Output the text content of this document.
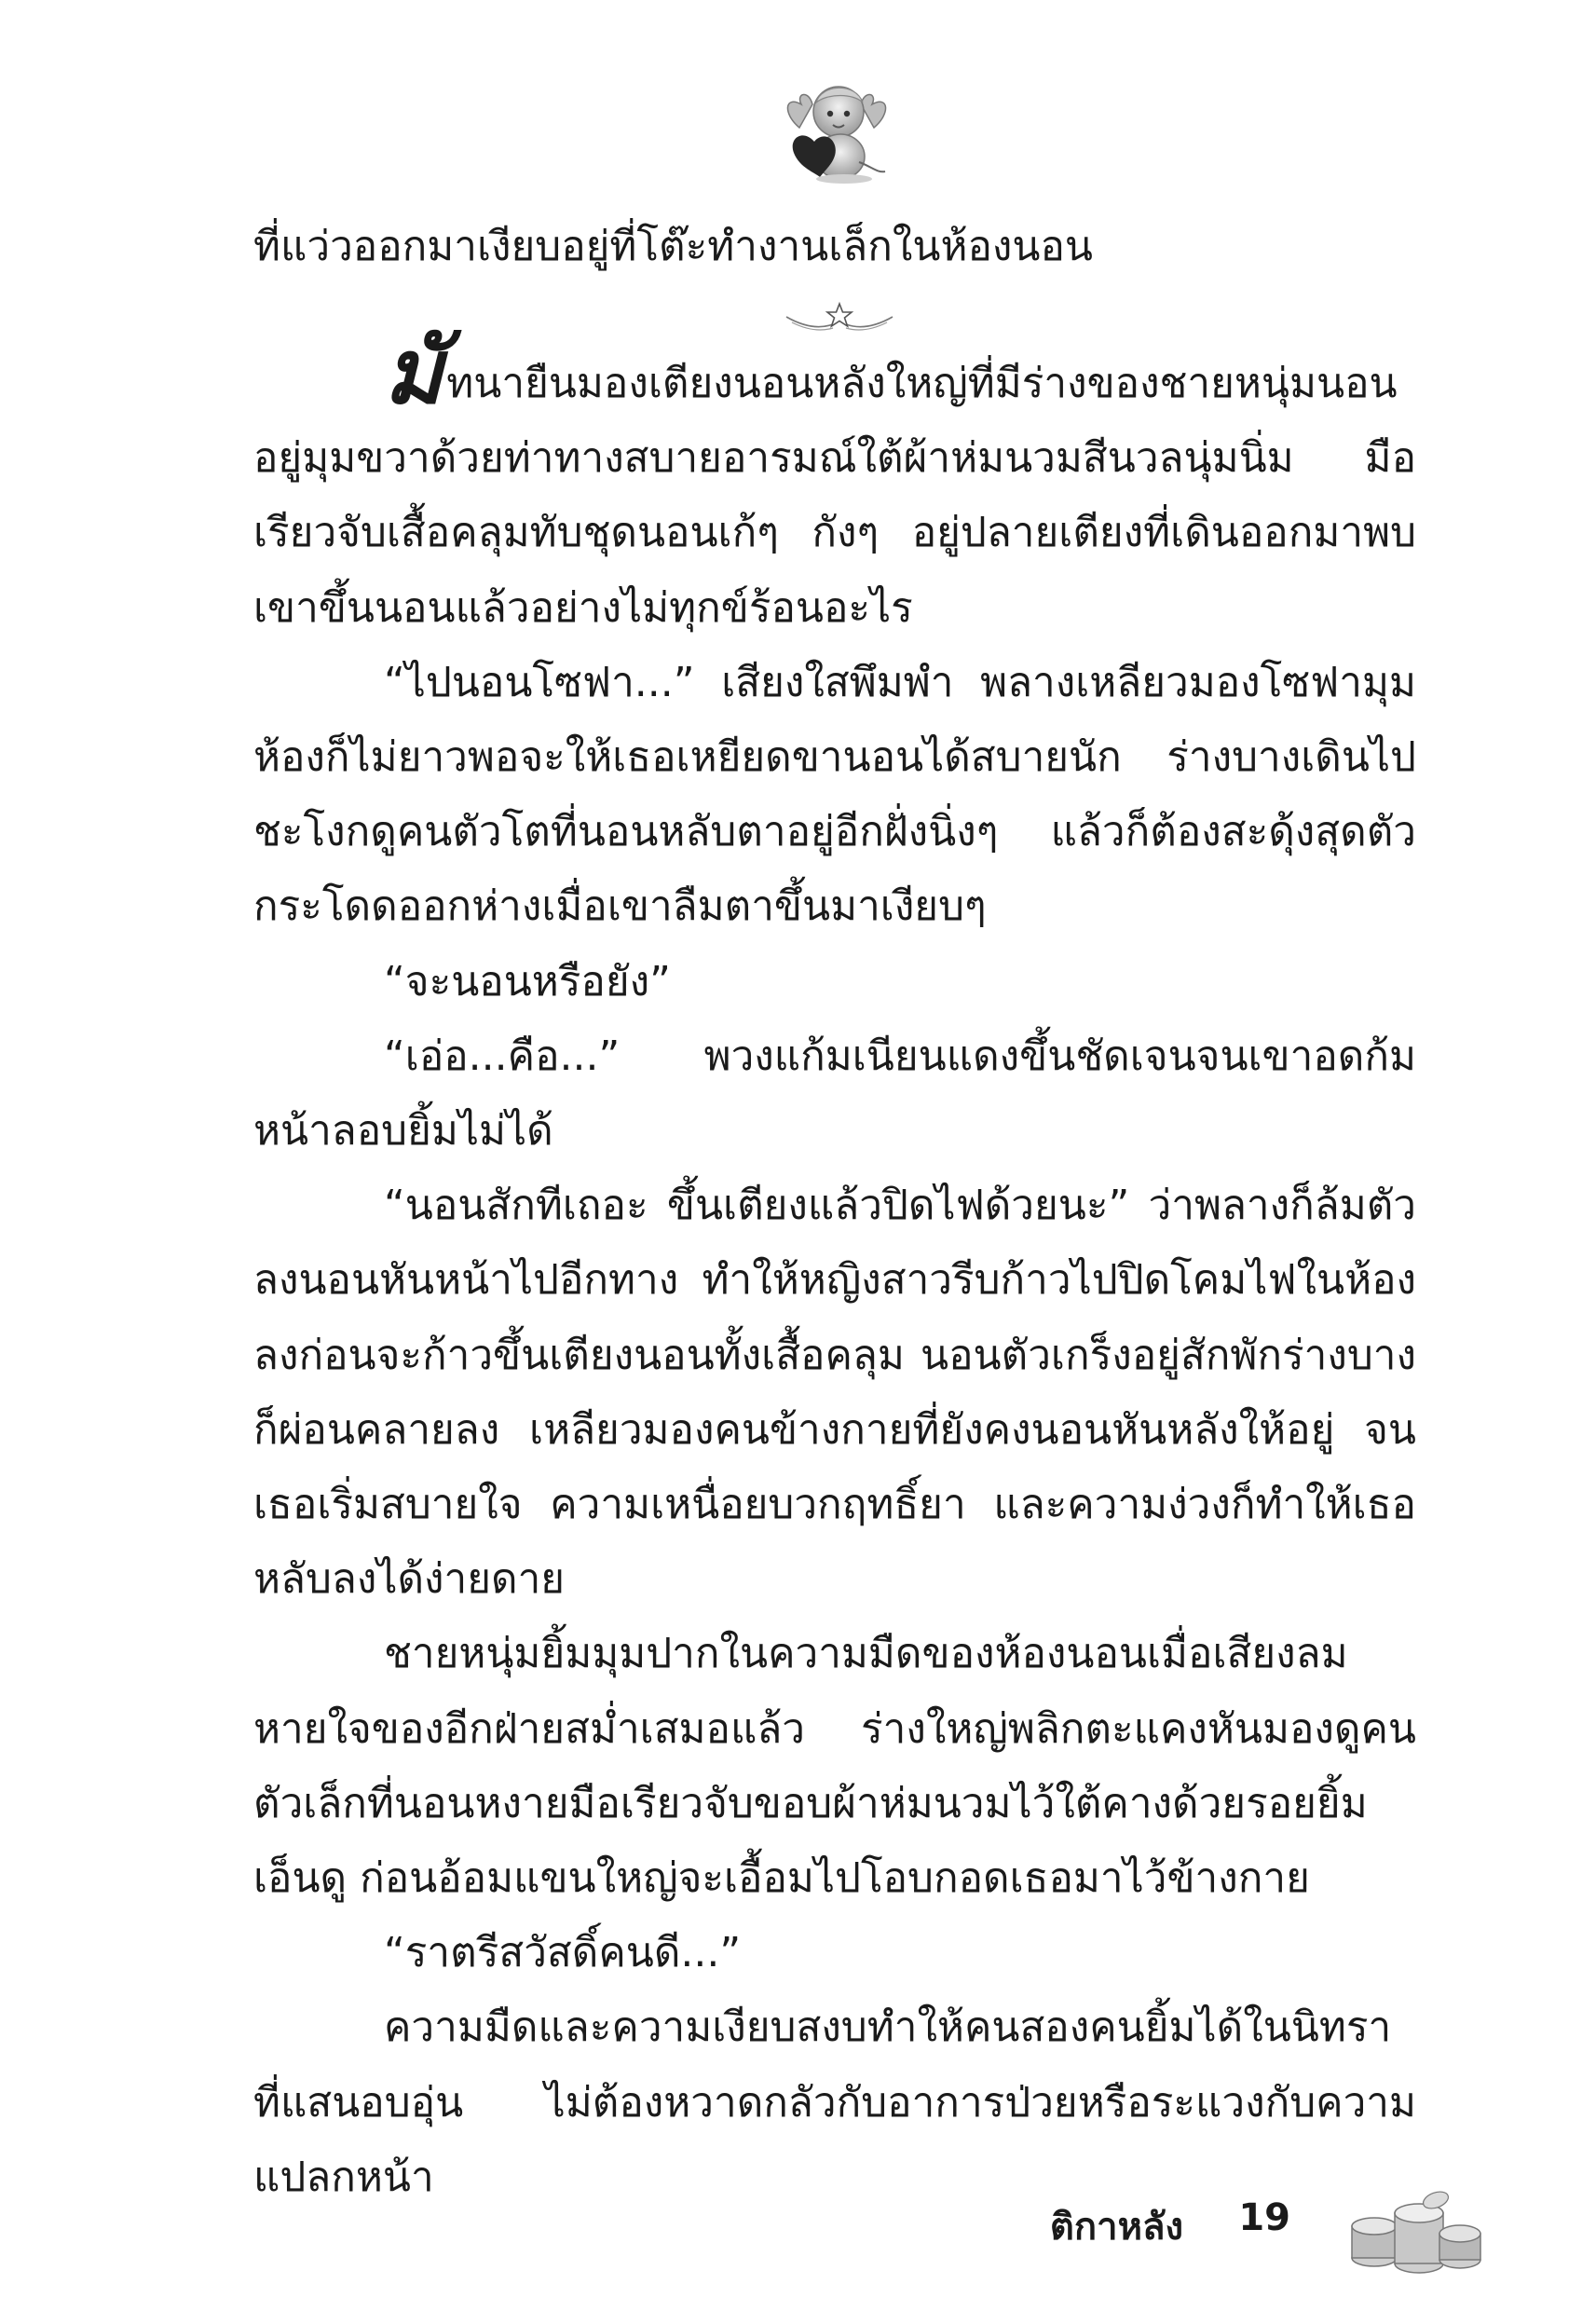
ที่แว่วออกมาเงียบอยู่ที่โต๊ะทำงานเล็กในห้องนอน

มัทนายืนมองเตียงนอนหลังใหญ่ที่มีร่างของชายหนุ่มนอนอยู่มุมขวาด้วยท่าทางสบายอารมณ์ใต้ผ้าห่มนวมสีนวลนุ่มนิ่ม มือเรียวจับเสื้อคลุมทับชุดนอนเก้ๆ กังๆ อยู่ปลายเตียงที่เดินออกมาพบเขาขึ้นนอนแล้วอย่างไม่ทุกข์ร้อนอะไร

“ไปนอนโซฟา...” เสียงใสพึมพำ พลางเหลียวมองโซฟามุมห้องก็ไม่ยาวพอจะให้เธอเหยียดขานอนได้สบายนัก ร่างบางเดินไปชะโงกดูคนตัวโตที่นอนหลับตาอยู่อีกฝั่งนิ่งๆ แล้วก็ต้องสะดุ้งสุดตัว กระโดดออกห่างเมื่อเขาลืมตาขึ้นมาเงียบๆ

“จะนอนหรือยัง”

“เอ่อ...คือ...” พวงแก้มเนียนแดงขึ้นชัดเจนจนเขาอดก้มหน้าลอบยิ้มไม่ได้

“นอนสักทีเถอะ ขึ้นเตียงแล้วปิดไฟด้วยนะ” ว่าพลางก็ล้มตัวลงนอนหันหน้าไปอีกทาง ทำให้หญิงสาวรีบก้าวไปปิดโคมไฟในห้องลงก่อนจะก้าวขึ้นเตียงนอนทั้งเสื้อคลุม นอนตัวเกร็งอยู่สักพักร่างบางก็ผ่อนคลายลง เหลียวมองคนข้างกายที่ยังคงนอนหันหลังให้อยู่ จนเธอเริ่มสบายใจ ความเหนื่อยบวกฤทธิ์ยา และความง่วงก็ทำให้เธอหลับลงได้ง่ายดาย

ชายหนุ่มยิ้มมุมปากในความมืดของห้องนอนเมื่อเสียงลมหายใจของอีกฝ่ายสม่ำเสมอแล้ว ร่างใหญ่พลิกตะแคงหันมองดูคนตัวเล็กที่นอนหงายมือเรียวจับขอบผ้าห่มนวมไว้ใต้คางด้วยรอยยิ้มเอ็นดู ก่อนอ้อมแขนใหญ่จะเอื้อมไปโอบกอดเธอมาไว้ข้างกาย

“ราตรีสวัสดิ์คนดี...”

ความมืดและความเงียบสงบทำให้คนสองคนยิ้มได้ในนิทราที่แสนอบอุ่น ไม่ต้องหวาดกลัวกับอาการป่วยหรือระแวงกับความแปลกหน้า

ติกาหลัง 19
